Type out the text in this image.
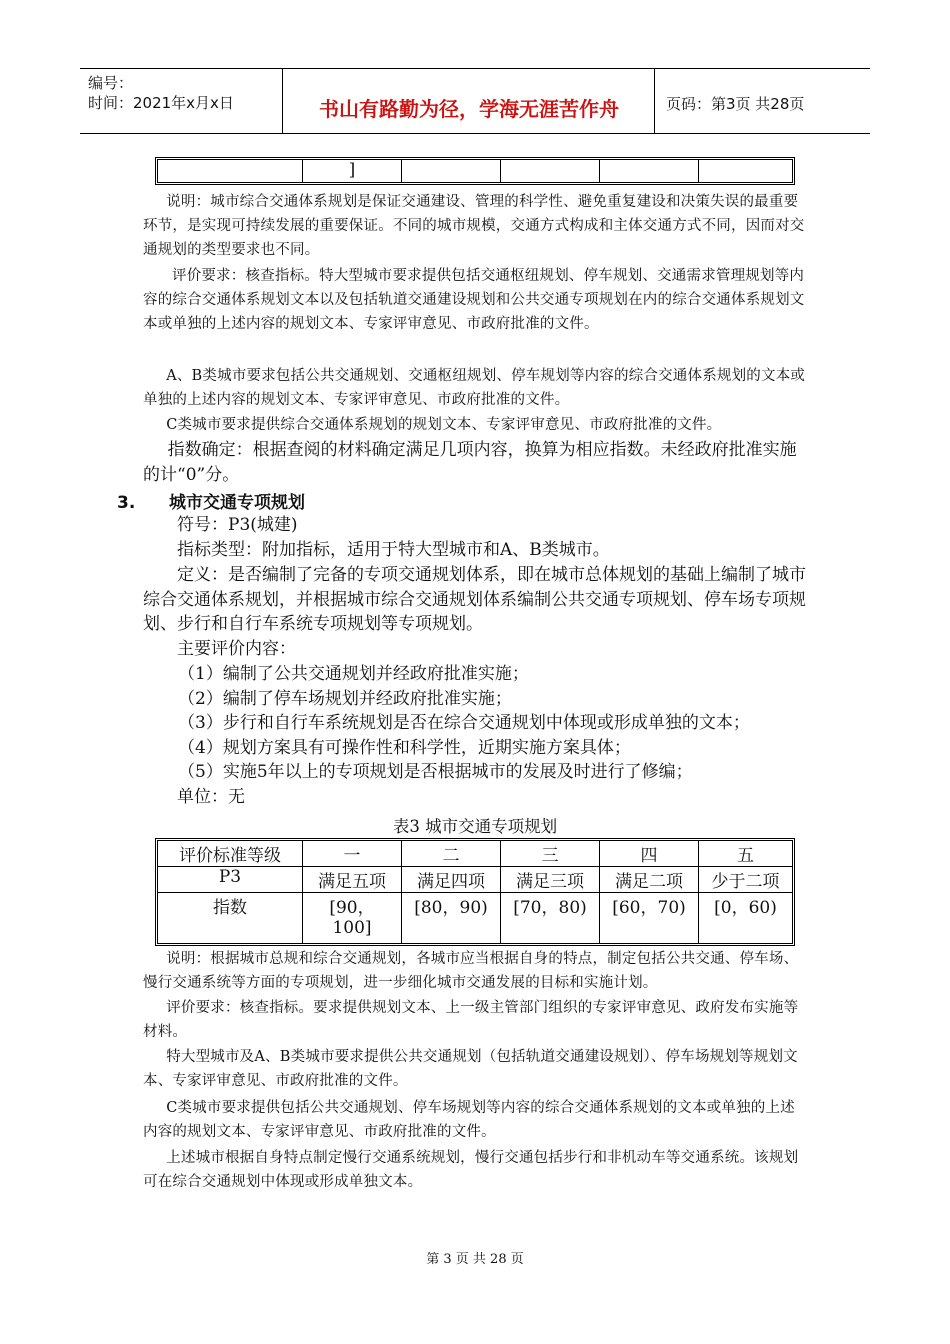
编号：
时间：2021年x月x日	书山有路勤为径，学海无涯苦作舟	页码：第3页 共28页
	]				

说明：城市综合交通体系规划是保证交通建设、管理的科学性、避免重复建设和决策失误的最重要环节，是实现可持续发展的重要保证。不同的城市规模，交通方式构成和主体交通方式不同，因而对交通规划的类型要求也不同。

评价要求：核查指标。特大型城市要求提供包括交通枢纽规划、停车规划、交通需求管理规划等内容的综合交通体系规划文本以及包括轨道交通建设规划和公共交通专项规划在内的综合交通体系规划文本或单独的上述内容的规划文本、专家评审意见、市政府批准的文件。

A、B类城市要求包括公共交通规划、交通枢纽规划、停车规划等内容的综合交通体系规划的文本或单独的上述内容的规划文本、专家评审意见、市政府批准的文件。

C类城市要求提供综合交通体系规划的规划文本、专家评审意见、市政府批准的文件。

指数确定：根据查阅的材料确定满足几项内容，换算为相应指数。未经政府批准实施的计“0”分。

3. 城市交通专项规划

符号：P3(城建)

指标类型：附加指标，适用于特大型城市和A、B类城市。

定义：是否编制了完备的专项交通规划体系，即在城市总体规划的基础上编制了城市综合交通体系规划，并根据城市综合交通规划体系编制公共交通专项规划、停车场专项规划、步行和自行车系统专项规划等专项规划。

主要评价内容：

（1）编制了公共交通规划并经政府批准实施；
（2）编制了停车场规划并经政府批准实施；
（3）步行和自行车系统规划是否在综合交通规划中体现或形成单独的文本；
（4）规划方案具有可操作性和科学性，近期实施方案具体；
（5）实施5年以上的专项规划是否根据城市的发展及时进行了修编；

单位：无

表3 城市交通专项规划
评价标准等级	一	二	三	四	五
P3	满足五项	满足四项	满足三项	满足二项	少于二项
指数	[90，100]	[80，90)	[70，80)	[60，70)	[0，60)

说明：根据城市总规和综合交通规划，各城市应当根据自身的特点，制定包括公共交通、停车场、慢行交通系统等方面的专项规划，进一步细化城市交通发展的目标和实施计划。

评价要求：核查指标。要求提供规划文本、上一级主管部门组织的专家评审意见、政府发布实施等材料。

特大型城市及A、B类城市要求提供公共交通规划（包括轨道交通建设规划）、停车场规划等规划文本、专家评审意见、市政府批准的文件。

C类城市要求提供包括公共交通规划、停车场规划等内容的综合交通体系规划的文本或单独的上述内容的规划文本、专家评审意见、市政府批准的文件。

上述城市根据自身特点制定慢行交通系统规划，慢行交通包括步行和非机动车等交通系统。该规划可在综合交通规划中体现或形成单独文本。

第 3 页 共 28 页
